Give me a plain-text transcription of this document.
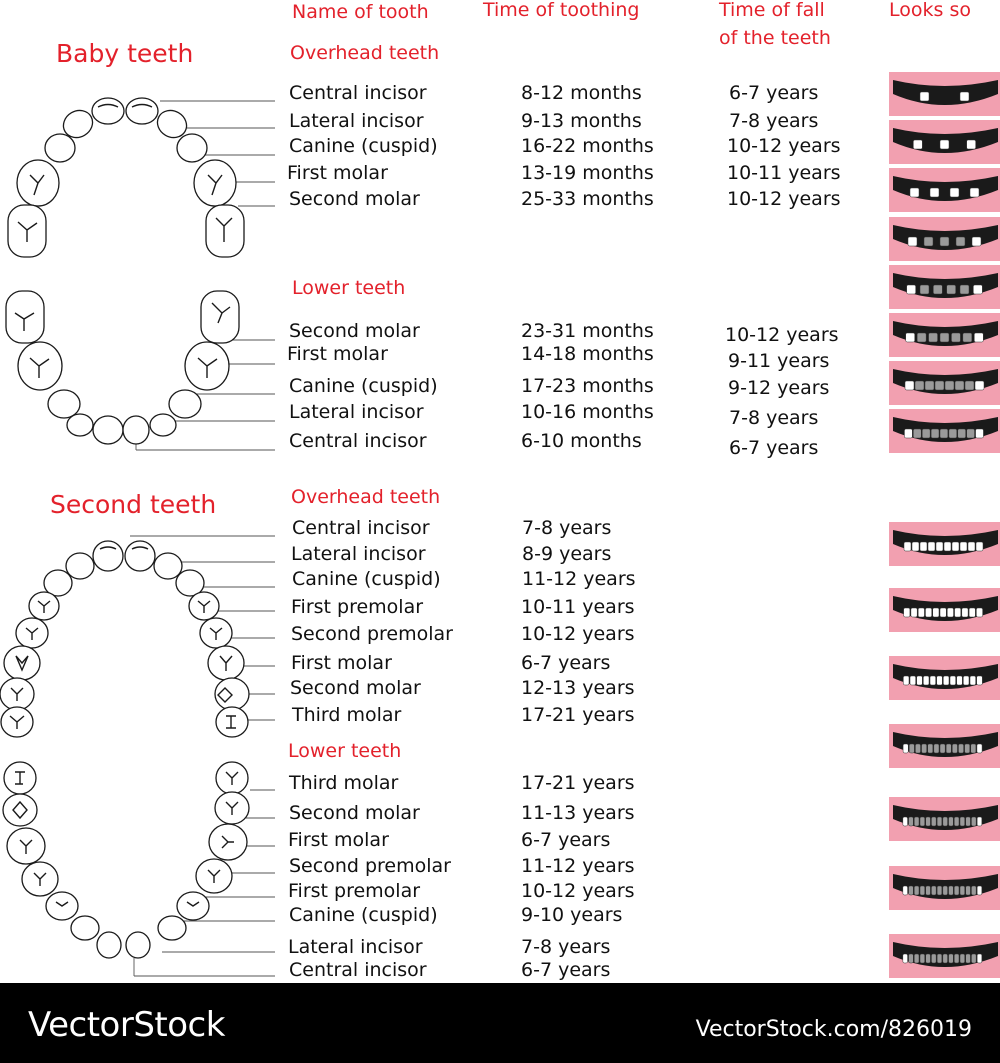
Name of tooth	Time of toothing	Time of fall
of the teeth
Looks so
Baby teeth
Second teeth
Overhead teeth
Lower teeth
Overhead teeth
Lower teeth
Central incisor	8-12 months	6-7 years
Lateral incisor	9-13 months	7-8 years
Canine (cuspid)	16-22 months	10-12 years
First molar	13-19 months	10-11 years
Second molar	25-33 months	10-12 years
Second molar	23-31 months	10-12 years
First molar	14-18 months	9-11 years
Canine (cuspid)	17-23 months	9-12 years
Lateral incisor	10-16 months	7-8 years
Central incisor	6-10 months	6-7 years
Central incisor	7-8 years
Lateral incisor	8-9 years
Canine (cuspid)	11-12 years
First premolar	10-11 years
Second premolar	10-12 years
First molar	6-7 years
Second molar	12-13 years
Third molar	17-21 years
Third molar	17-21 years
Second molar	11-13 years
First molar	6-7 years
Second premolar	11-12 years
First premolar	10-12 years
Canine (cuspid)	9-10 years
Lateral incisor	7-8 years
Central incisor	6-7 years
VectorStock	VectorStock.com/826019
